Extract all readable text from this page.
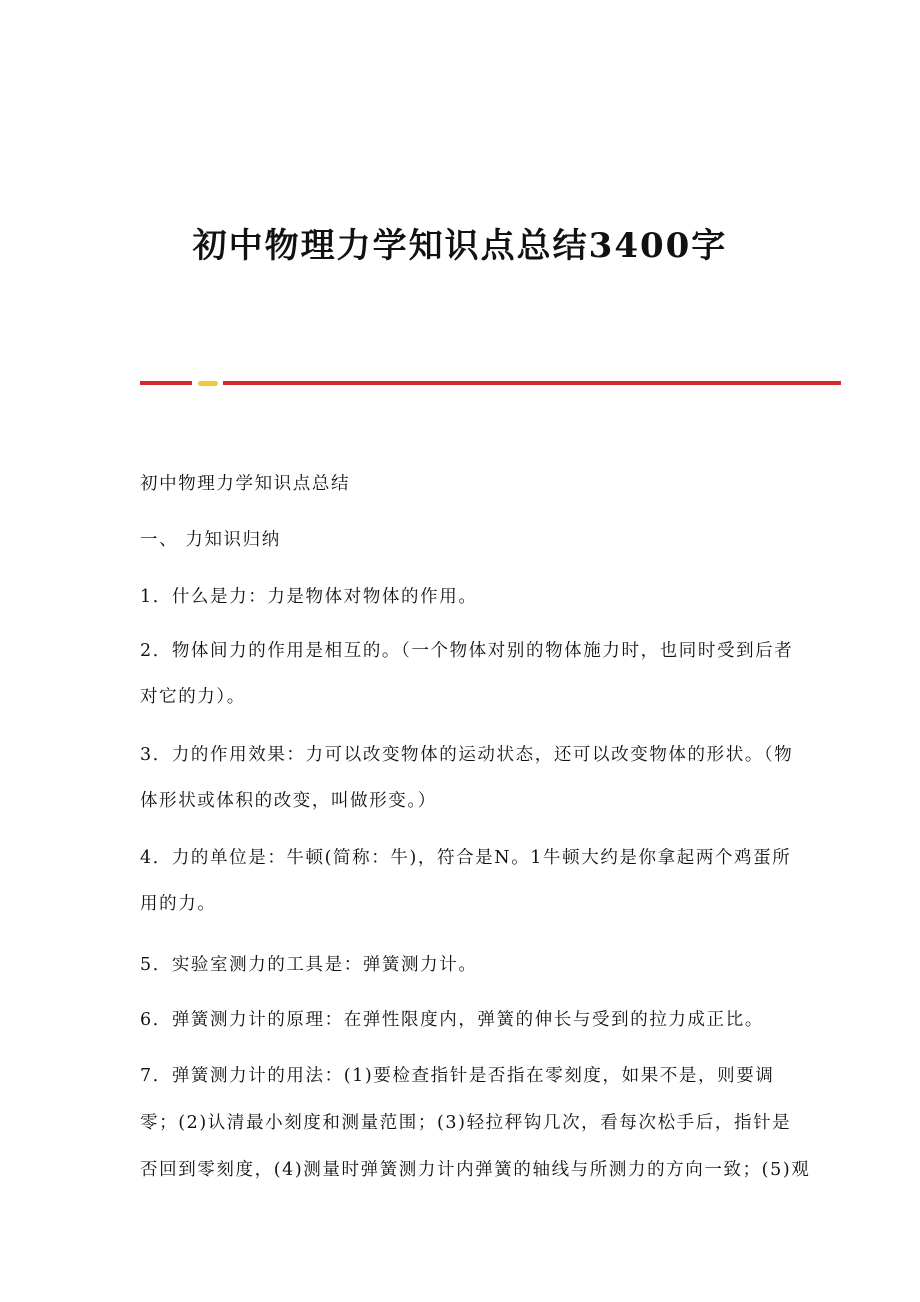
初中物理力学知识点总结3400字
初中物理力学知识点总结
一、 力知识归纳
1．什么是力：力是物体对物体的作用。
2．物体间力的作用是相互的。（一个物体对别的物体施力时，也同时受到后者
对它的力）。
3．力的作用效果：力可以改变物体的运动状态，还可以改变物体的形状。（物
体形状或体积的改变，叫做形变。）
4．力的单位是：牛顿(简称：牛)，符合是N。1牛顿大约是你拿起两个鸡蛋所
用的力。
5．实验室测力的工具是：弹簧测力计。
6．弹簧测力计的原理：在弹性限度内，弹簧的伸长与受到的拉力成正比。
7．弹簧测力计的用法：(1)要检查指针是否指在零刻度，如果不是，则要调
零；(2)认清最小刻度和测量范围；(3)轻拉秤钩几次，看每次松手后，指针是
否回到零刻度，(4)测量时弹簧测力计内弹簧的轴线与所测力的方向一致；(5)观
